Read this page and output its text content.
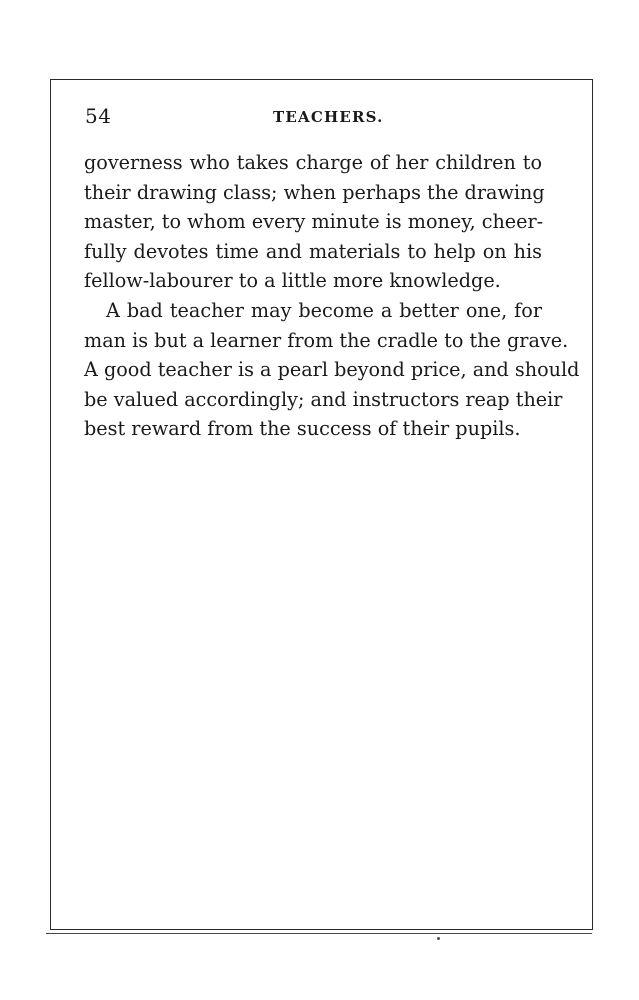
54	TEACHERS.
governess who takes charge of her children to
their drawing class; when perhaps the drawing
master, to whom every minute is money, cheer-
fully devotes time and materials to help on his
fellow-labourer to a little more knowledge.
A bad teacher may become a better one, for
man is but a learner from the cradle to the grave.
A good teacher is a pearl beyond price, and should
be valued accordingly; and instructors reap their
best reward from the success of their pupils.
